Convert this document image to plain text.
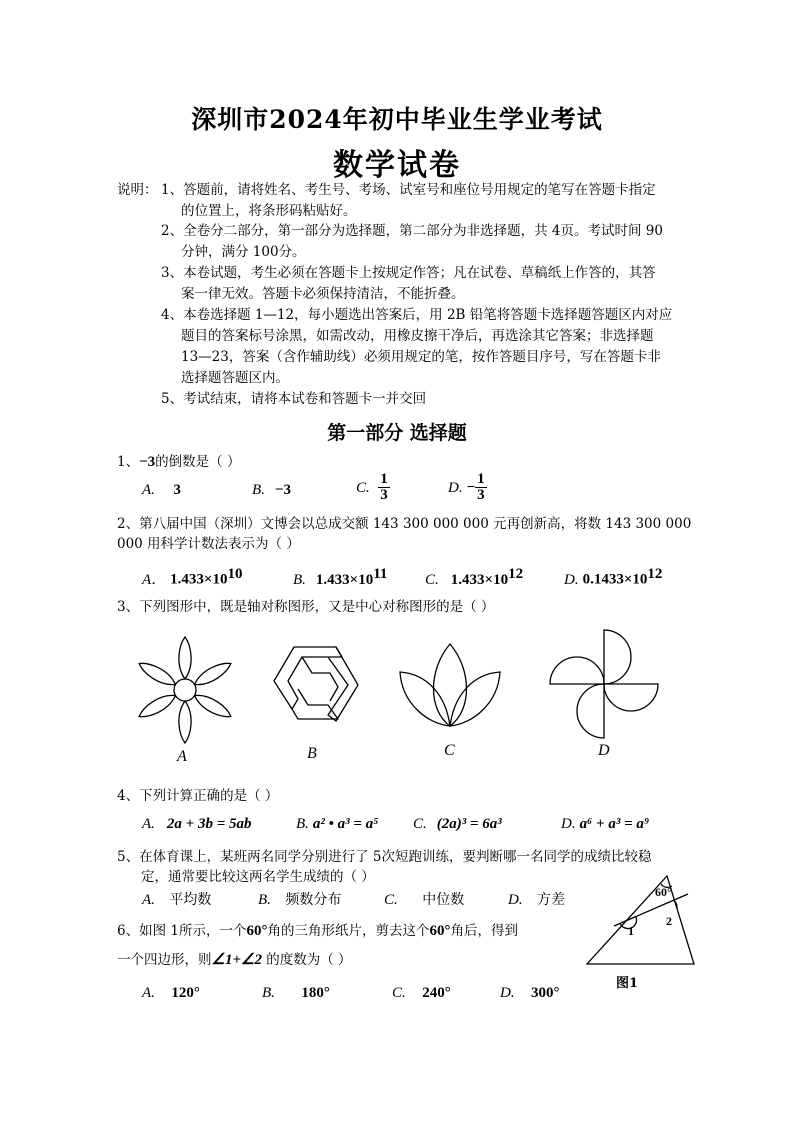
深圳市2024年初中毕业生学业考试
数学试卷
说明： 1、答题前，请将姓名、考生号、考场、试室号和座位号用规定的笔写在答题卡指定
的位置上，将条形码粘贴好。
2、全卷分二部分，第一部分为选择题，第二部分为非选择题，共 4页。考试时间 90
分钟，满分 100分。
3、本卷试题，考生必须在答题卡上按规定作答；凡在试卷、草稿纸上作答的，其答
案一律无效。答题卡必须保持清洁，不能折叠。
4、本卷选择题 1—12，每小题选出答案后，用 2B 铅笔将答题卡选择题答题区内对应
题目的答案标号涂黑，如需改动，用橡皮擦干净后，再选涂其它答案；非选择题
13—23，答案（含作辅助线）必须用规定的笔，按作答题目序号，写在答题卡非
选择题答题区内。
5、考试结束，请将本试卷和答题卡一并交回
第一部分 选择题
1、−3的倒数是（ ）
A. 3	B. −3	C. $\frac{1}{3}$	D. − $\frac{1}{3}$
2、第八届中国（深圳）文博会以总成交额 143 300 000 000 元再创新高，将数 143 300 000
000 用科学计数法表示为（ ）
A． $1.433\times 10^{10}$	B. $1.433\times 10^{11}$	C. $1.433\times 10^{12}$	D. $0.1433\times 10^{12}$
3、下列图形中，既是轴对称图形，又是中心对称图形的是（ ）
A	B	C	D
4、下列计算正确的是（ ）
A. 2a + 3b = 5ab	B. a² • a³ = a⁵ C. (2a)³ = 6a³	D. a⁶ + a³ = a⁹
5、在体育课上，某班两名同学分别进行了 5次短跑训练，要判断哪一名同学的成绩比较稳
定，通常要比较这两名学生成绩的（ ）
A. 平均数	B. 频数分布	C. 中位数	D. 方差
6、如图 1所示，一个60°角的三角形纸片，剪去这个60°角后，得到
一个四边形，则∠1+∠2 的度数为（ ）
A. 120°	B. 180°	C. 240°	D. 300°
60°
1
2
图1
